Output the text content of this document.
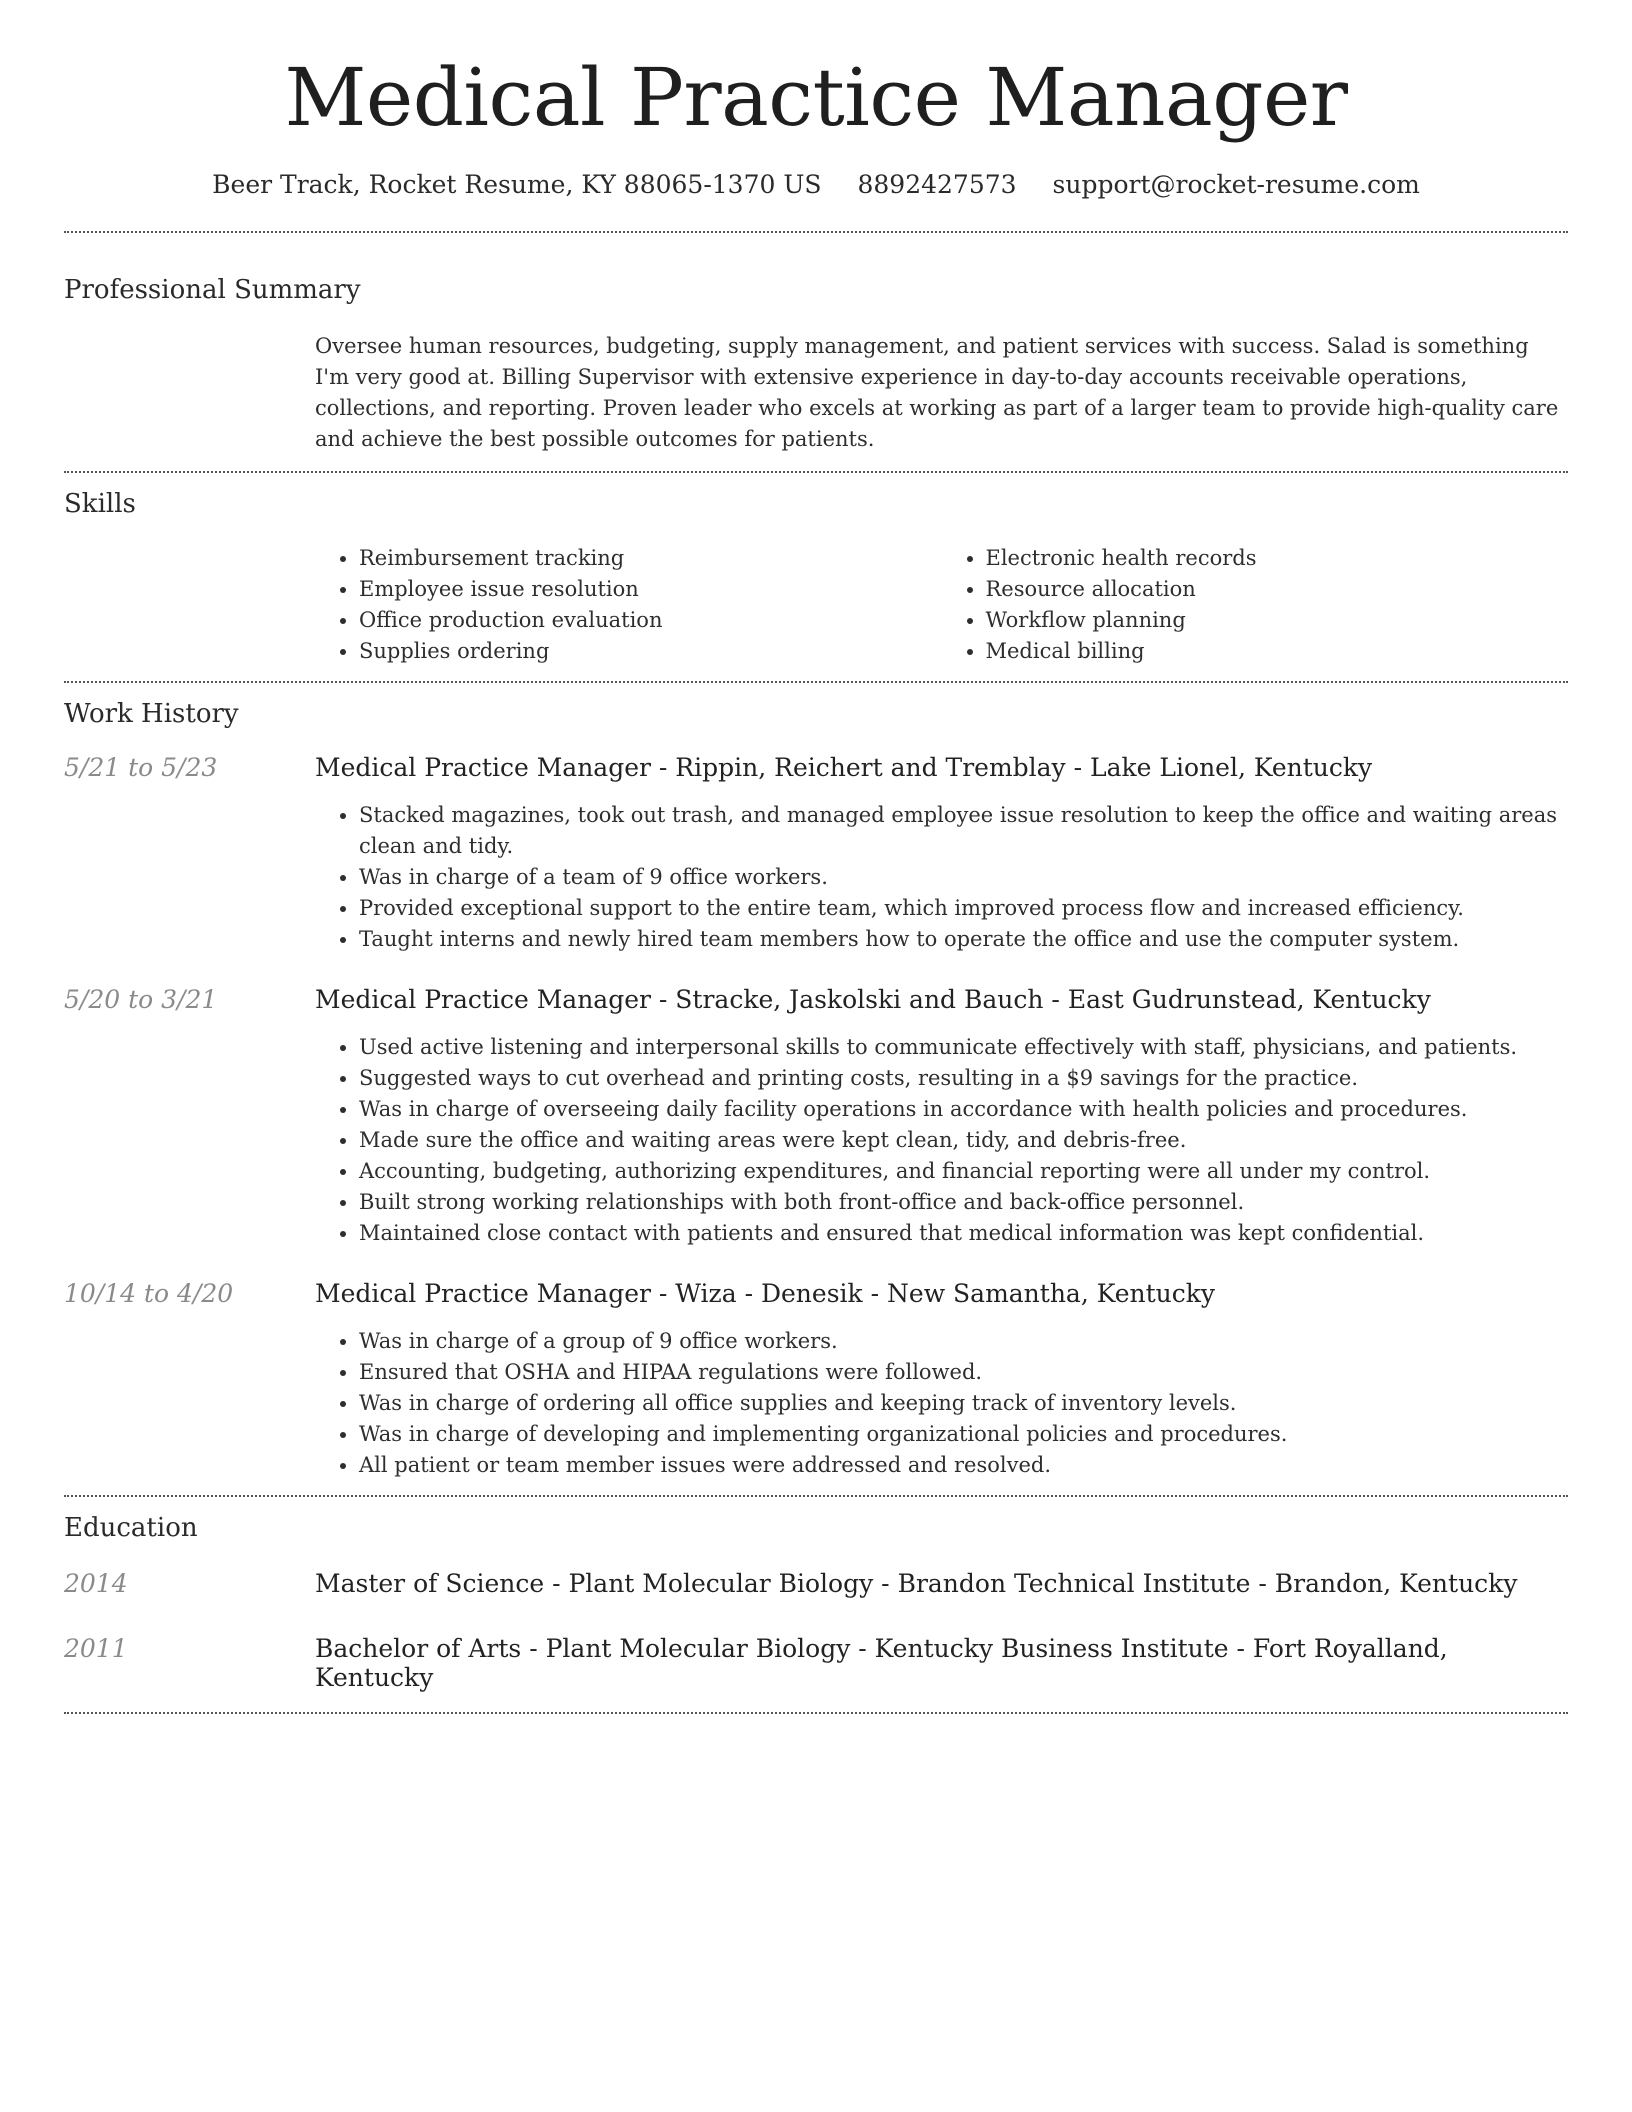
Medical Practice Manager
Beer Track, Rocket Resume, KY 88065-1370 US 8892427573 support@rocket-resume.com
Professional Summary
Oversee human resources, budgeting, supply management, and patient services with success. Salad is something I'm very good at. Billing Supervisor with extensive experience in day-to-day accounts receivable operations, collections, and reporting. Proven leader who excels at working as part of a larger team to provide high-quality care and achieve the best possible outcomes for patients.
Skills
• Reimbursement tracking
• Employee issue resolution
• Office production evaluation
• Supplies ordering
• Electronic health records
• Resource allocation
• Workflow planning
• Medical billing
Work History
5/21 to 5/23	Medical Practice Manager - Rippin, Reichert and Tremblay - Lake Lionel, Kentucky
• Stacked magazines, took out trash, and managed employee issue resolution to keep the office and waiting areas clean and tidy.
• Was in charge of a team of 9 office workers.
• Provided exceptional support to the entire team, which improved process flow and increased efficiency.
• Taught interns and newly hired team members how to operate the office and use the computer system.
5/20 to 3/21	Medical Practice Manager - Stracke, Jaskolski and Bauch - East Gudrunstead, Kentucky
• Used active listening and interpersonal skills to communicate effectively with staff, physicians, and patients.
• Suggested ways to cut overhead and printing costs, resulting in a $9 savings for the practice.
• Was in charge of overseeing daily facility operations in accordance with health policies and procedures.
• Made sure the office and waiting areas were kept clean, tidy, and debris-free.
• Accounting, budgeting, authorizing expenditures, and financial reporting were all under my control.
• Built strong working relationships with both front-office and back-office personnel.
• Maintained close contact with patients and ensured that medical information was kept confidential.
10/14 to 4/20	Medical Practice Manager - Wiza - Denesik - New Samantha, Kentucky
• Was in charge of a group of 9 office workers.
• Ensured that OSHA and HIPAA regulations were followed.
• Was in charge of ordering all office supplies and keeping track of inventory levels.
• Was in charge of developing and implementing organizational policies and procedures.
• All patient or team member issues were addressed and resolved.
Education
2014	Master of Science - Plant Molecular Biology - Brandon Technical Institute - Brandon, Kentucky
2011	Bachelor of Arts - Plant Molecular Biology - Kentucky Business Institute - Fort Royalland, Kentucky
